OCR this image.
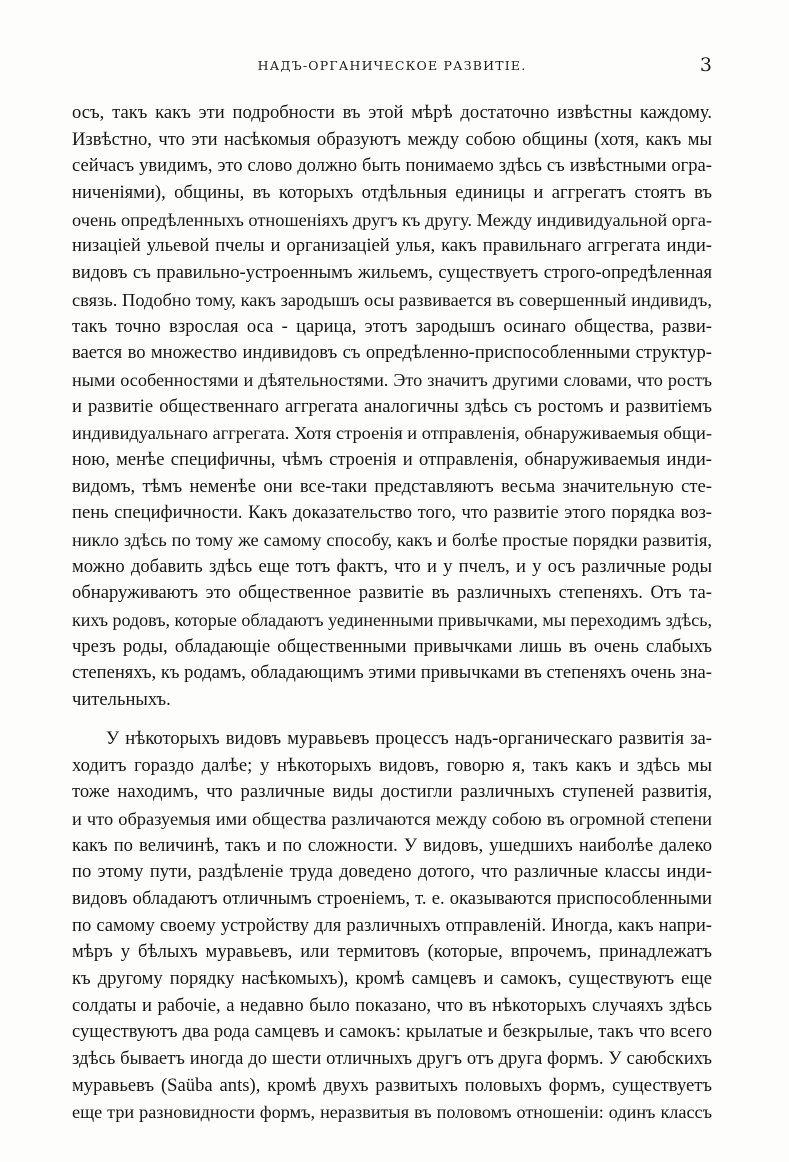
НАДЪ-ОРГАНИЧЕСКОЕ РАЗВИТІЕ.	3
осъ, такъ какъ эти подробности въ этой мѣрѣ достаточно извѣстны каждому.
Извѣстно, что эти насѣкомыя образуютъ между собою общины (хотя, какъ мы
сейчасъ увидимъ, это слово должно быть понимаемо здѣсь съ извѣстными огра-
ниченіями), общины, въ которыхъ отдѣльныя единицы и аггрегатъ стоятъ въ
очень опредѣленныхъ отношеніяхъ другъ къ другу. Между индивидуальной орга-
низацiей ульевой пчелы и организацiей улья, какъ правильнаго аггрегата инди-
видовъ съ правильно-устроеннымъ жильемъ, существуетъ строго-опредѣленная
связь. Подобно тому, какъ зародышъ осы развивается въ совершенный индивидъ,
такъ точно взрослая оса - царица, этотъ зародышъ осинаго общества, разви-
вается во множество индивидовъ съ опредѣленно-приспособленными структур-
ными особенностями и дѣятельностями. Это значитъ другими словами, что ростъ
и развитіе общественнаго аггрегата аналогичны здѣсь съ ростомъ и развитіемъ
индивидуальнаго аггрегата. Хотя строенія и отправленія, обнаруживаемыя общи-
ною, менѣе специфичны, чѣмъ строенія и отправленія, обнаруживаемыя инди-
видомъ, тѣмъ неменѣе они все-таки представляютъ весьма значительную сте-
пень специфичности. Какъ доказательство того, что развитіе этого порядка воз-
никло здѣсь по тому же самому способу, какъ и болѣе простые порядки развитія,
можно добавить здѣсь еще тотъ фактъ, что и у пчелъ, и у осъ различные роды
обнаруживаютъ это общественное развитіе въ различныхъ степеняхъ. Отъ та-
кихъ родовъ, которые обладаютъ уединенными привычками, мы переходимъ здѣсь,
чрезъ роды, обладающіе общественными привычками лишь въ очень слабыхъ
степеняхъ, къ родамъ, обладающимъ этими привычками въ степеняхъ очень зна-
чительныхъ.
У нѣкоторыхъ видовъ муравьевъ процессъ надъ-органическаго развитія за-
ходитъ гораздо далѣе; у нѣкоторыхъ видовъ, говорю я, такъ какъ и здѣсь мы
тоже находимъ, что различные виды достигли различныхъ ступеней развитія,
и что образуемыя ими общества различаются между собою въ огромной степени
какъ по величинѣ, такъ и по сложности. У видовъ, ушедшихъ наиболѣе далеко
по этому пути, раздѣленіе труда доведено дотого, что различные классы инди-
видовъ обладаютъ отличнымъ строеніемъ, т. е. оказываются приспособленными
по самому своему устройству для различныхъ отправленій. Иногда, какъ напри-
мѣръ у бѣлыхъ муравьевъ, или термитовъ (которые, впрочемъ, принадлежатъ
къ другому порядку насѣкомыхъ), кромѣ самцевъ и самокъ, существуютъ еще
солдаты и рабочіе, а недавно было показано, что въ нѣкоторыхъ случаяхъ здѣсь
существуютъ два рода самцевъ и самокъ: крылатые и безкрылые, такъ что всего
здѣсь бываетъ иногда до шести отличныхъ другъ отъ друга формъ. У саюбскихъ
муравьевъ (Saüba ants), кромѣ двухъ развитыхъ половыхъ формъ, существуетъ
еще три разновидности формъ, неразвитыя въ половомъ отношеніи: одинъ классъ
